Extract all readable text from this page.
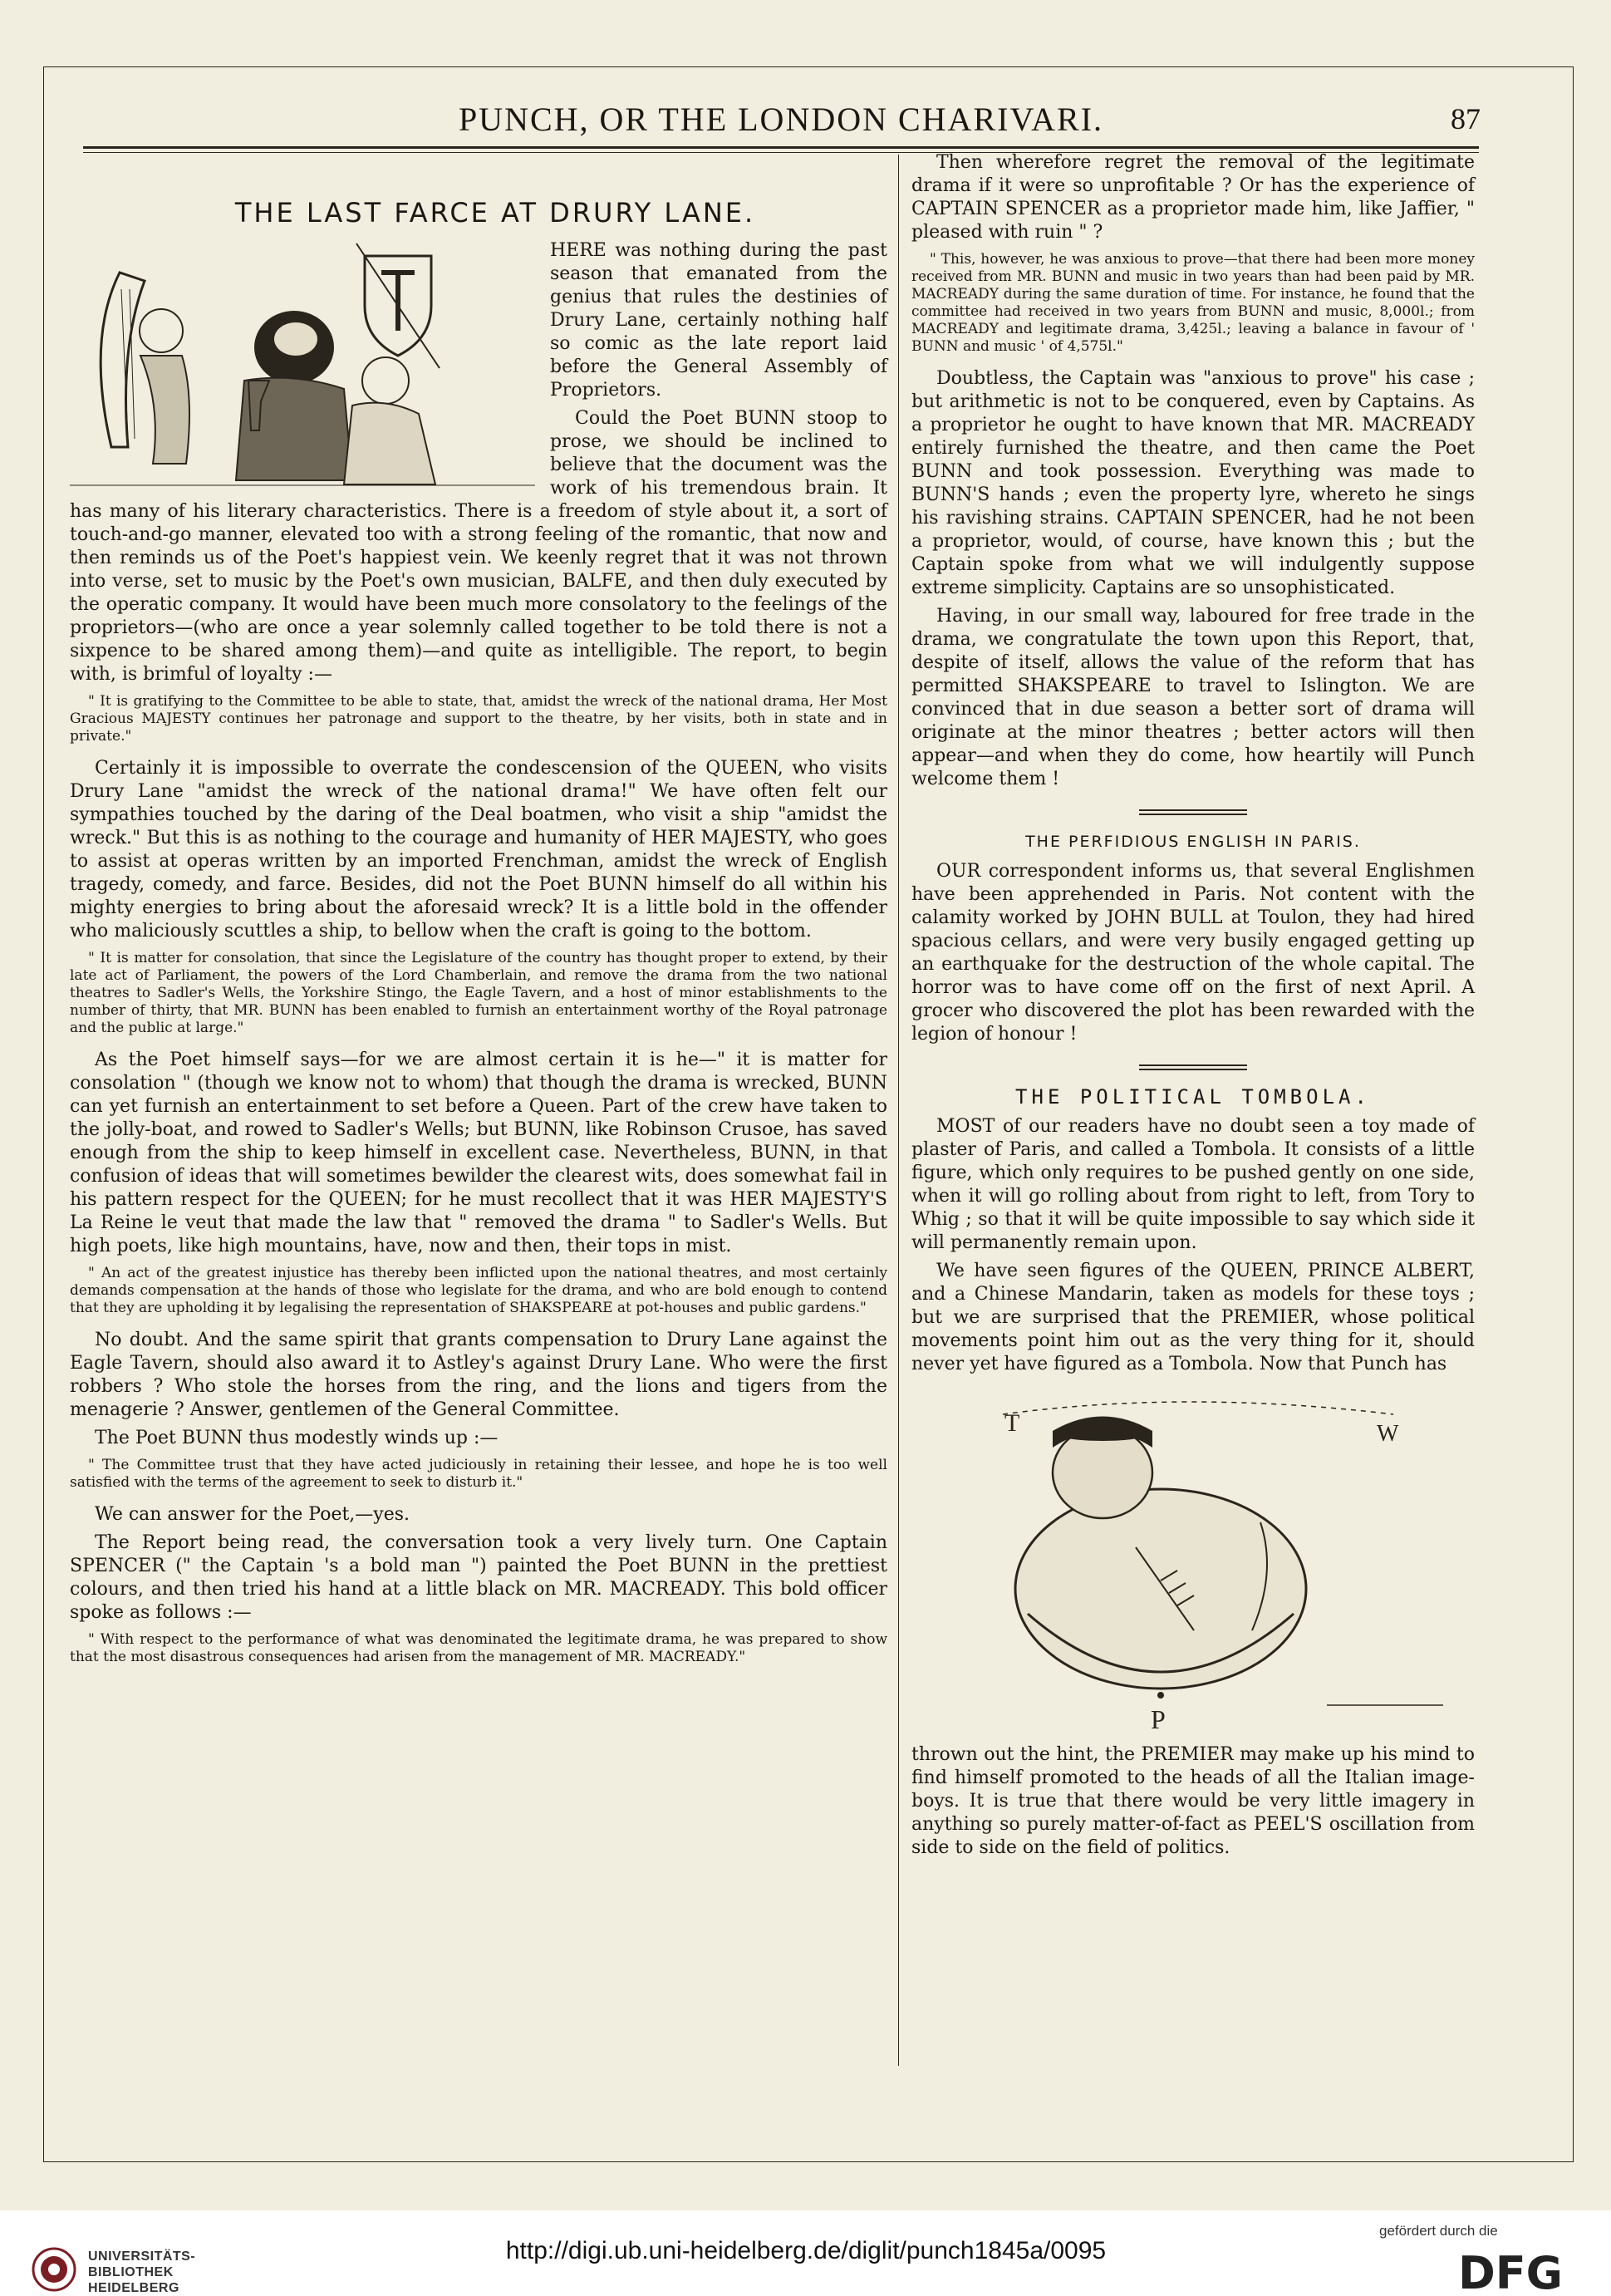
PUNCH, OR THE LONDON CHARIVARI.	87
THE LAST FARCE AT DRURY LANE.

HERE was nothing during the past season that emanated from the genius that rules the destinies of Drury Lane, certainly nothing half so comic as the late report laid before the General Assembly of Proprietors.

Could the Poet BUNN stoop to prose, we should be inclined to believe that the document was the work of his tremendous brain. It has many of his literary characteristics. There is a freedom of style about it, a sort of touch-and-go manner, elevated too with a strong feeling of the romantic, that now and then reminds us of the Poet's happiest vein. We keenly regret that it was not thrown into verse, set to music by the Poet's own musician, BALFE, and then duly executed by the operatic company. It would have been much more consolatory to the feelings of the proprietors—(who are once a year solemnly called together to be told there is not a sixpence to be shared among them)—and quite as intelligible. The report, to begin with, is brimful of loyalty :—

" It is gratifying to the Committee to be able to state, that, amidst the wreck of the national drama, Her Most Gracious MAJESTY continues her patronage and support to the theatre, by her visits, both in state and in private."

Certainly it is impossible to overrate the condescension of the QUEEN, who visits Drury Lane "amidst the wreck of the national drama!" We have often felt our sympathies touched by the daring of the Deal boatmen, who visit a ship "amidst the wreck." But this is as nothing to the courage and humanity of HER MAJESTY, who goes to assist at operas written by an imported Frenchman, amidst the wreck of English tragedy, comedy, and farce. Besides, did not the Poet BUNN himself do all within his mighty energies to bring about the aforesaid wreck? It is a little bold in the offender who maliciously scuttles a ship, to bellow when the craft is going to the bottom.

" It is matter for consolation, that since the Legislature of the country has thought proper to extend, by their late act of Parliament, the powers of the Lord Chamberlain, and remove the drama from the two national theatres to Sadler's Wells, the Yorkshire Stingo, the Eagle Tavern, and a host of minor establishments to the number of thirty, that MR. BUNN has been enabled to furnish an entertainment worthy of the Royal patronage and the public at large."

As the Poet himself says—for we are almost certain it is he—" it is matter for consolation " (though we know not to whom) that though the drama is wrecked, BUNN can yet furnish an entertainment to set before a Queen. Part of the crew have taken to the jolly-boat, and rowed to Sadler's Wells; but BUNN, like Robinson Crusoe, has saved enough from the ship to keep himself in excellent case. Nevertheless, BUNN, in that confusion of ideas that will sometimes bewilder the clearest wits, does somewhat fail in his pattern respect for the QUEEN; for he must recollect that it was HER MAJESTY'S La Reine le veut that made the law that " removed the drama " to Sadler's Wells. But high poets, like high mountains, have, now and then, their tops in mist.

" An act of the greatest injustice has thereby been inflicted upon the national theatres, and most certainly demands compensation at the hands of those who legislate for the drama, and who are bold enough to contend that they are upholding it by legalising the representation of SHAKSPEARE at pot-houses and public gardens."

No doubt. And the same spirit that grants compensation to Drury Lane against the Eagle Tavern, should also award it to Astley's against Drury Lane. Who were the first robbers ? Who stole the horses from the ring, and the lions and tigers from the menagerie ? Answer, gentlemen of the General Committee.

The Poet BUNN thus modestly winds up :—

" The Committee trust that they have acted judiciously in retaining their lessee, and hope he is too well satisfied with the terms of the agreement to seek to disturb it."

We can answer for the Poet,—yes.

The Report being read, the conversation took a very lively turn. One Captain SPENCER (" the Captain 's a bold man ") painted the Poet BUNN in the prettiest colours, and then tried his hand at a little black on MR. MACREADY. This bold officer spoke as follows :—

" With respect to the performance of what was denominated the legitimate drama, he was prepared to show that the most disastrous consequences had arisen from the management of MR. MACREADY."

Then wherefore regret the removal of the legitimate drama if it were so unprofitable ? Or has the experience of CAPTAIN SPENCER as a proprietor made him, like Jaffier, " pleased with ruin " ?

" This, however, he was anxious to prove—that there had been more money received from MR. BUNN and music in two years than had been paid by MR. MACREADY during the same duration of time. For instance, he found that the committee had received in two years from BUNN and music, 8,000l.; from MACREADY and legitimate drama, 3,425l.; leaving a balance in favour of ' BUNN and music ' of 4,575l."

Doubtless, the Captain was "anxious to prove" his case ; but arithmetic is not to be conquered, even by Captains. As a proprietor he ought to have known that MR. MACREADY entirely furnished the theatre, and then came the Poet BUNN and took possession. Everything was made to BUNN'S hands ; even the property lyre, whereto he sings his ravishing strains. CAPTAIN SPENCER, had he not been a proprietor, would, of course, have known this ; but the Captain spoke from what we will indulgently suppose extreme simplicity. Captains are so unsophisticated.

Having, in our small way, laboured for free trade in the drama, we congratulate the town upon this Report, that, despite of itself, allows the value of the reform that has permitted SHAKSPEARE to travel to Islington. We are convinced that in due season a better sort of drama will originate at the minor theatres ; better actors will then appear—and when they do come, how heartily will Punch welcome them !

THE PERFIDIOUS ENGLISH IN PARIS.

OUR correspondent informs us, that several Englishmen have been apprehended in Paris. Not content with the calamity worked by JOHN BULL at Toulon, they had hired spacious cellars, and were very busily engaged getting up an earthquake for the destruction of the whole capital. The horror was to have come off on the first of next April. A grocer who discovered the plot has been rewarded with the legion of honour !

THE POLITICAL TOMBOLA.

MOST of our readers have no doubt seen a toy made of plaster of Paris, and called a Tombola. It consists of a little figure, which only requires to be pushed gently on one side, when it will go rolling about from right to left, from Tory to Whig ; so that it will be quite impossible to say which side it will permanently remain upon.

We have seen figures of the QUEEN, PRINCE ALBERT, and a Chinese Mandarin, taken as models for these toys ; but we are surprised that the PREMIER, whose political movements point him out as the very thing for it, should never yet have figured as a Tombola. Now that Punch has

T	W
P

thrown out the hint, the PREMIER may make up his mind to find himself promoted to the heads of all the Italian image-boys. It is true that there would be very little imagery in anything so purely matter-of-fact as PEEL'S oscillation from side to side on the field of politics.

UNIVERSITÄTS-
BIBLIOTHEK
HEIDELBERG
http://digi.ub.uni-heidelberg.de/diglit/punch1845a/0095
gefördert durch die
DFG
